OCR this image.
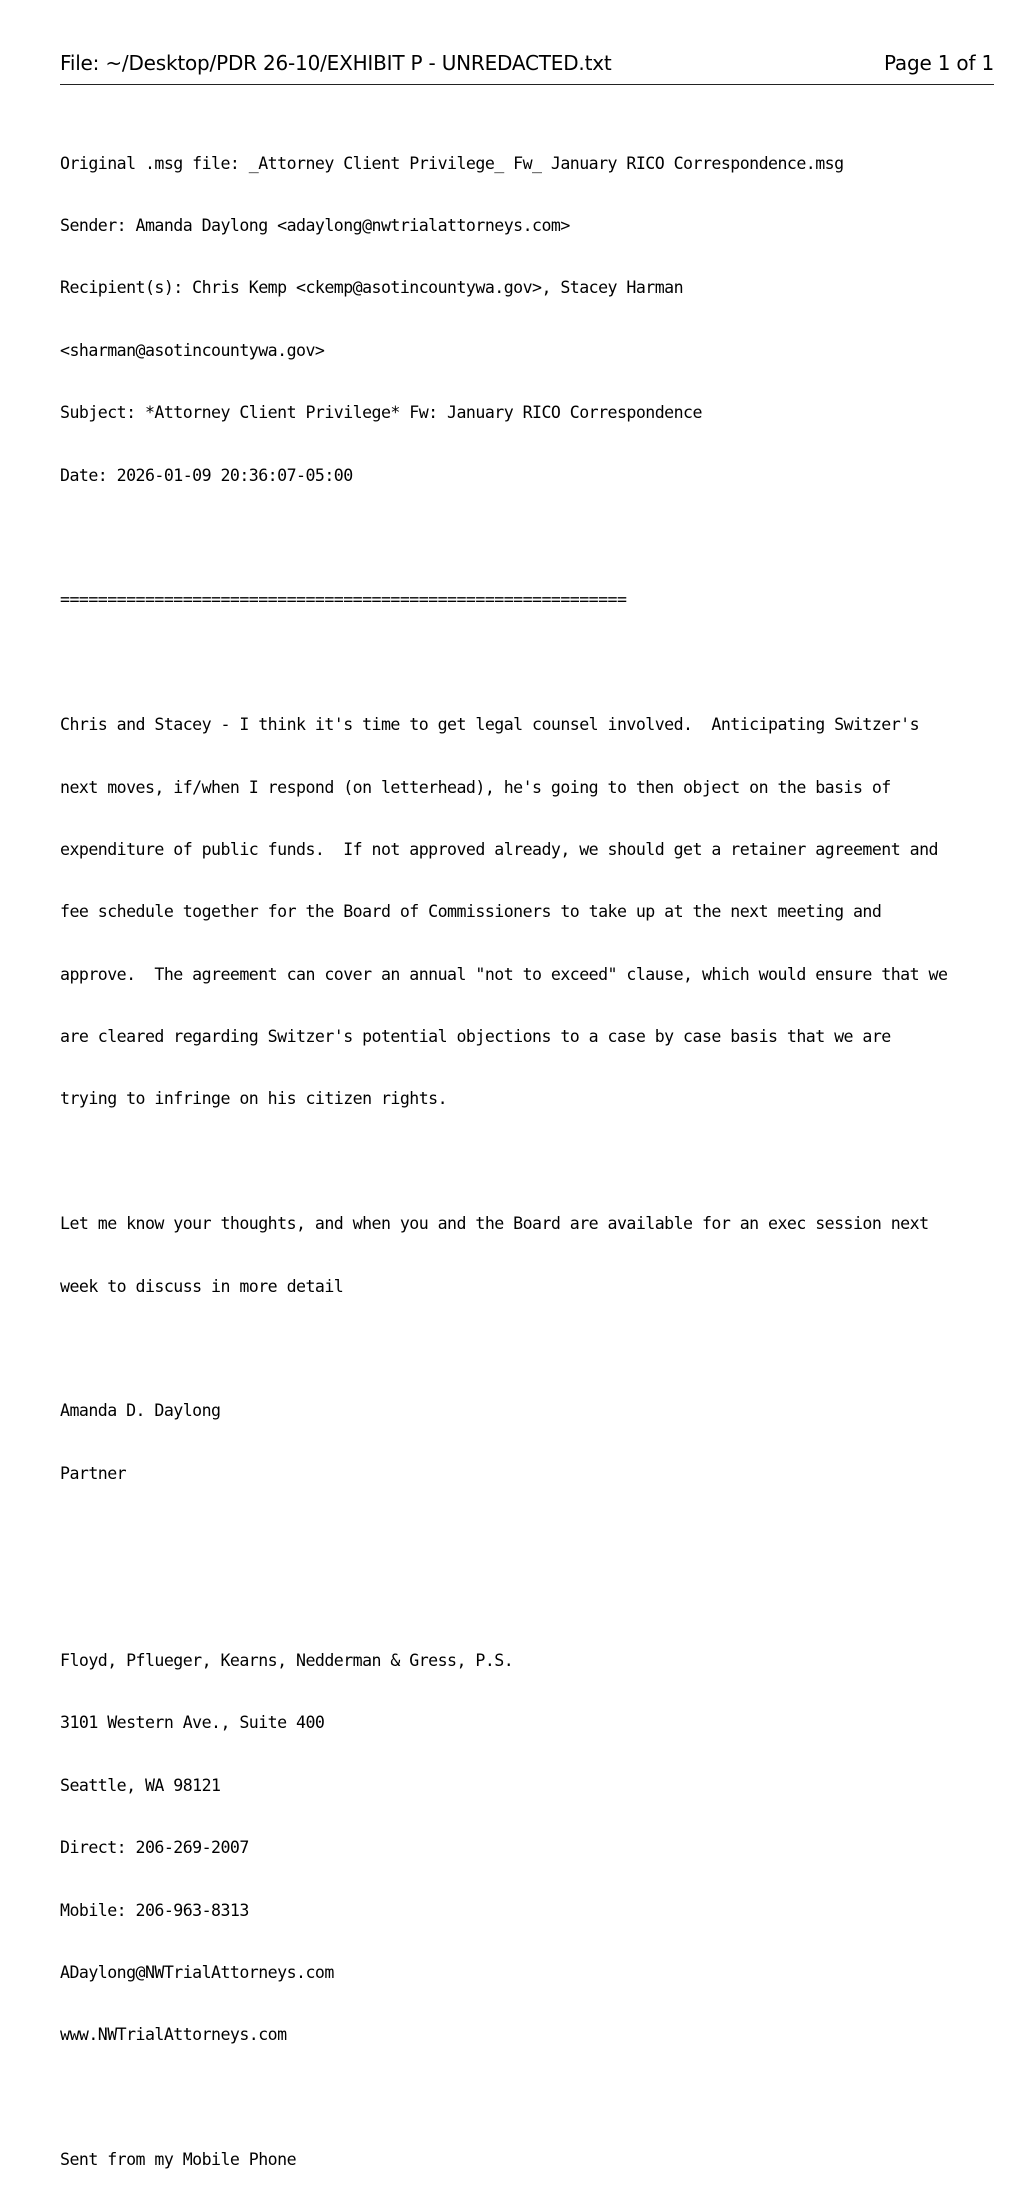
File: ~/Desktop/PDR 26-10/EXHIBIT P - UNREDACTED.txt	Page 1 of 1

Original .msg file: _Attorney Client Privilege_ Fw_ January RICO Correspondence.msg

Sender: Amanda Daylong <adaylong@nwtrialattorneys.com>

Recipient(s): Chris Kemp <ckemp@asotincountywa.gov>, Stacey Harman

<sharman@asotincountywa.gov>

Subject: *Attorney Client Privilege* Fw: January RICO Correspondence

Date: 2026-01-09 20:36:07-05:00

============================================================

Chris and Stacey - I think it's time to get legal counsel involved.  Anticipating Switzer's

next moves, if/when I respond (on letterhead), he's going to then object on the basis of

expenditure of public funds.  If not approved already, we should get a retainer agreement and

fee schedule together for the Board of Commissioners to take up at the next meeting and

approve.  The agreement can cover an annual "not to exceed" clause, which would ensure that we

are cleared regarding Switzer's potential objections to a case by case basis that we are

trying to infringe on his citizen rights.

Let me know your thoughts, and when you and the Board are available for an exec session next

week to discuss in more detail

Amanda D. Daylong

Partner

Floyd, Pflueger, Kearns, Nedderman & Gress, P.S.

3101 Western Ave., Suite 400

Seattle, WA 98121

Direct: 206-269-2007

Mobile: 206-963-8313

ADaylong@NWTrialAttorneys.com

www.NWTrialAttorneys.com

Sent from my Mobile Phone
